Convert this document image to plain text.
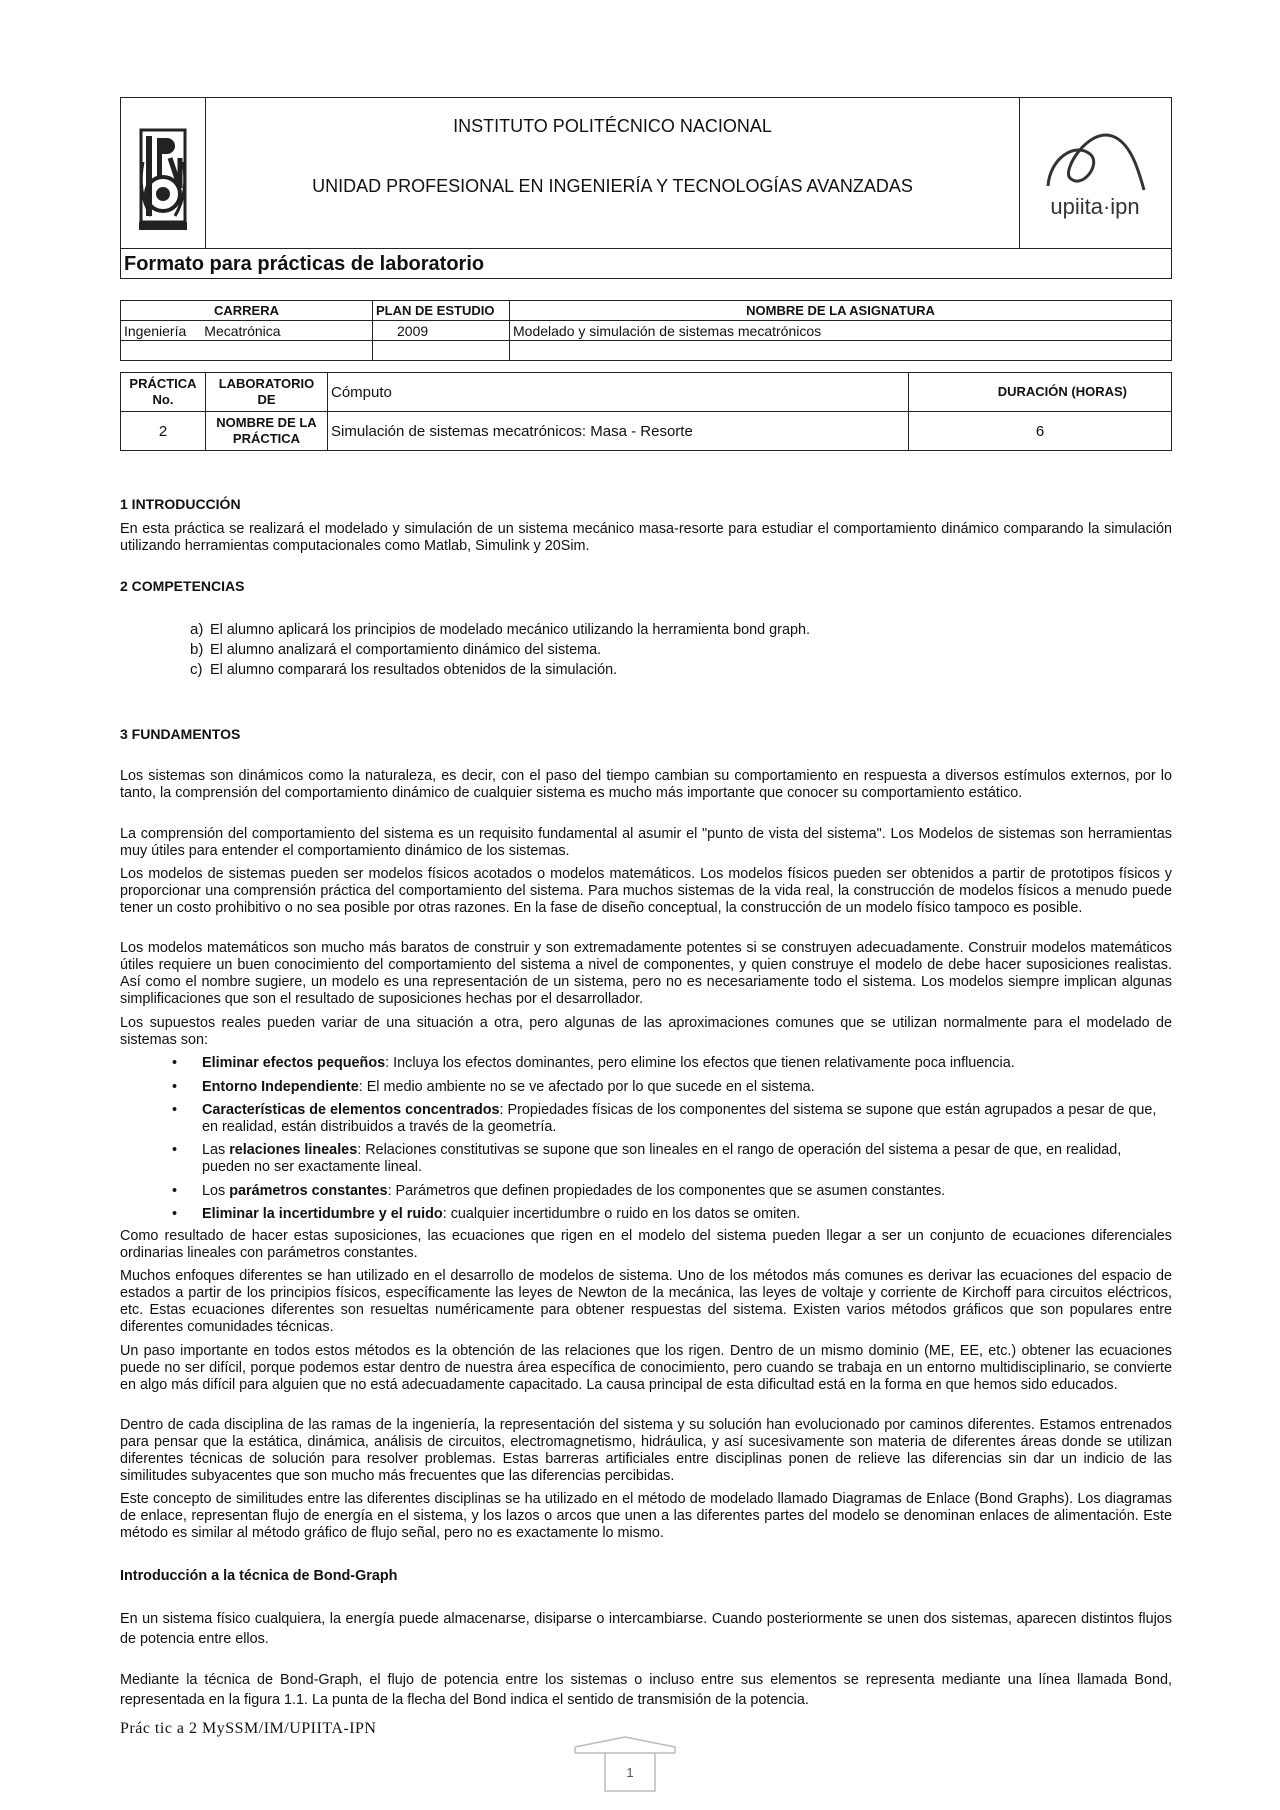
INSTITUTO POLITÉCNICO NACIONAL
UNIDAD PROFESIONAL EN INGENIERÍA Y TECNOLOGÍAS AVANZADAS
upiita·ipn
Formato para prácticas de laboratorio
CARRERA	PLAN DE ESTUDIO	NOMBRE DE LA ASIGNATURA
Ingeniería Mecatrónica	2009	Modelado y simulación de sistemas mecatrónicos

PRÁCTICA No.	LABORATORIO DE	Cómputo	DURACIÓN (HORAS)
2	NOMBRE DE LA PRÁCTICA	Simulación de sistemas mecatrónicos: Masa - Resorte	6
1 INTRODUCCIÓN
En esta práctica se realizará el modelado y simulación de un sistema mecánico masa-resorte para estudiar el comportamiento dinámico comparando la simulación utilizando herramientas computacionales como Matlab, Simulink y 20Sim.
2 COMPETENCIAS
a) El alumno aplicará los principios de modelado mecánico utilizando la herramienta bond graph.
b) El alumno analizará el comportamiento dinámico del sistema.
c) El alumno comparará los resultados obtenidos de la simulación.
3 FUNDAMENTOS
Los sistemas son dinámicos como la naturaleza, es decir, con el paso del tiempo cambian su comportamiento en respuesta a diversos estímulos externos, por lo tanto, la comprensión del comportamiento dinámico de cualquier sistema es mucho más importante que conocer su comportamiento estático.
La comprensión del comportamiento del sistema es un requisito fundamental al asumir el "punto de vista del sistema". Los Modelos de sistemas son herramientas muy útiles para entender el comportamiento dinámico de los sistemas.
Los modelos de sistemas pueden ser modelos físicos acotados o modelos matemáticos. Los modelos físicos pueden ser obtenidos a partir de prototipos físicos y proporcionar una comprensión práctica del comportamiento del sistema. Para muchos sistemas de la vida real, la construcción de modelos físicos a menudo puede tener un costo prohibitivo o no sea posible por otras razones. En la fase de diseño conceptual, la construcción de un modelo físico tampoco es posible.
Los modelos matemáticos son mucho más baratos de construir y son extremadamente potentes si se construyen adecuadamente. Construir modelos matemáticos útiles requiere un buen conocimiento del comportamiento del sistema a nivel de componentes, y quien construye el modelo de debe hacer suposiciones realistas. Así como el nombre sugiere, un modelo es una representación de un sistema, pero no es necesariamente todo el sistema. Los modelos siempre implican algunas simplificaciones que son el resultado de suposiciones hechas por el desarrollador.
Los supuestos reales pueden variar de una situación a otra, pero algunas de las aproximaciones comunes que se utilizan normalmente para el modelado de sistemas son:
• Eliminar efectos pequeños: Incluya los efectos dominantes, pero elimine los efectos que tienen relativamente poca influencia.
• Entorno Independiente: El medio ambiente no se ve afectado por lo que sucede en el sistema.
• Características de elementos concentrados: Propiedades físicas de los componentes del sistema se supone que están agrupados a pesar de que, en realidad, están distribuidos a través de la geometría.
• Las relaciones lineales: Relaciones constitutivas se supone que son lineales en el rango de operación del sistema a pesar de que, en realidad, pueden no ser exactamente lineal.
• Los parámetros constantes: Parámetros que definen propiedades de los componentes que se asumen constantes.
• Eliminar la incertidumbre y el ruido: cualquier incertidumbre o ruido en los datos se omiten.
Como resultado de hacer estas suposiciones, las ecuaciones que rigen en el modelo del sistema pueden llegar a ser un conjunto de ecuaciones diferenciales ordinarias lineales con parámetros constantes.
Muchos enfoques diferentes se han utilizado en el desarrollo de modelos de sistema. Uno de los métodos más comunes es derivar las ecuaciones del espacio de estados a partir de los principios físicos, específicamente las leyes de Newton de la mecánica, las leyes de voltaje y corriente de Kirchoff para circuitos eléctricos, etc. Estas ecuaciones diferentes son resueltas numéricamente para obtener respuestas del sistema. Existen varios métodos gráficos que son populares entre diferentes comunidades técnicas.
Un paso importante en todos estos métodos es la obtención de las relaciones que los rigen. Dentro de un mismo dominio (ME, EE, etc.) obtener las ecuaciones puede no ser difícil, porque podemos estar dentro de nuestra área específica de conocimiento, pero cuando se trabaja en un entorno multidisciplinario, se convierte en algo más difícil para alguien que no está adecuadamente capacitado. La causa principal de esta dificultad está en la forma en que hemos sido educados.
Dentro de cada disciplina de las ramas de la ingeniería, la representación del sistema y su solución han evolucionado por caminos diferentes. Estamos entrenados para pensar que la estática, dinámica, análisis de circuitos, electromagnetismo, hidráulica, y así sucesivamente son materia de diferentes áreas donde se utilizan diferentes técnicas de solución para resolver problemas. Estas barreras artificiales entre disciplinas ponen de relieve las diferencias sin dar un indicio de las similitudes subyacentes que son mucho más frecuentes que las diferencias percibidas.
Este concepto de similitudes entre las diferentes disciplinas se ha utilizado en el método de modelado llamado Diagramas de Enlace (Bond Graphs). Los diagramas de enlace, representan flujo de energía en el sistema, y los lazos o arcos que unen a las diferentes partes del modelo se denominan enlaces de alimentación. Este método es similar al método gráfico de flujo señal, pero no es exactamente lo mismo.
Introducción a la técnica de Bond-Graph
En un sistema físico cualquiera, la energía puede almacenarse, disiparse o intercambiarse. Cuando posteriormente se unen dos sistemas, aparecen distintos flujos de potencia entre ellos.
Mediante la técnica de Bond-Graph, el flujo de potencia entre los sistemas o incluso entre sus elementos se representa mediante una línea llamada Bond, representada en la figura 1.1. La punta de la flecha del Bond indica el sentido de transmisión de la potencia.
Prác tic a 2 MySSM/IM/UPIITA-IPN
1
